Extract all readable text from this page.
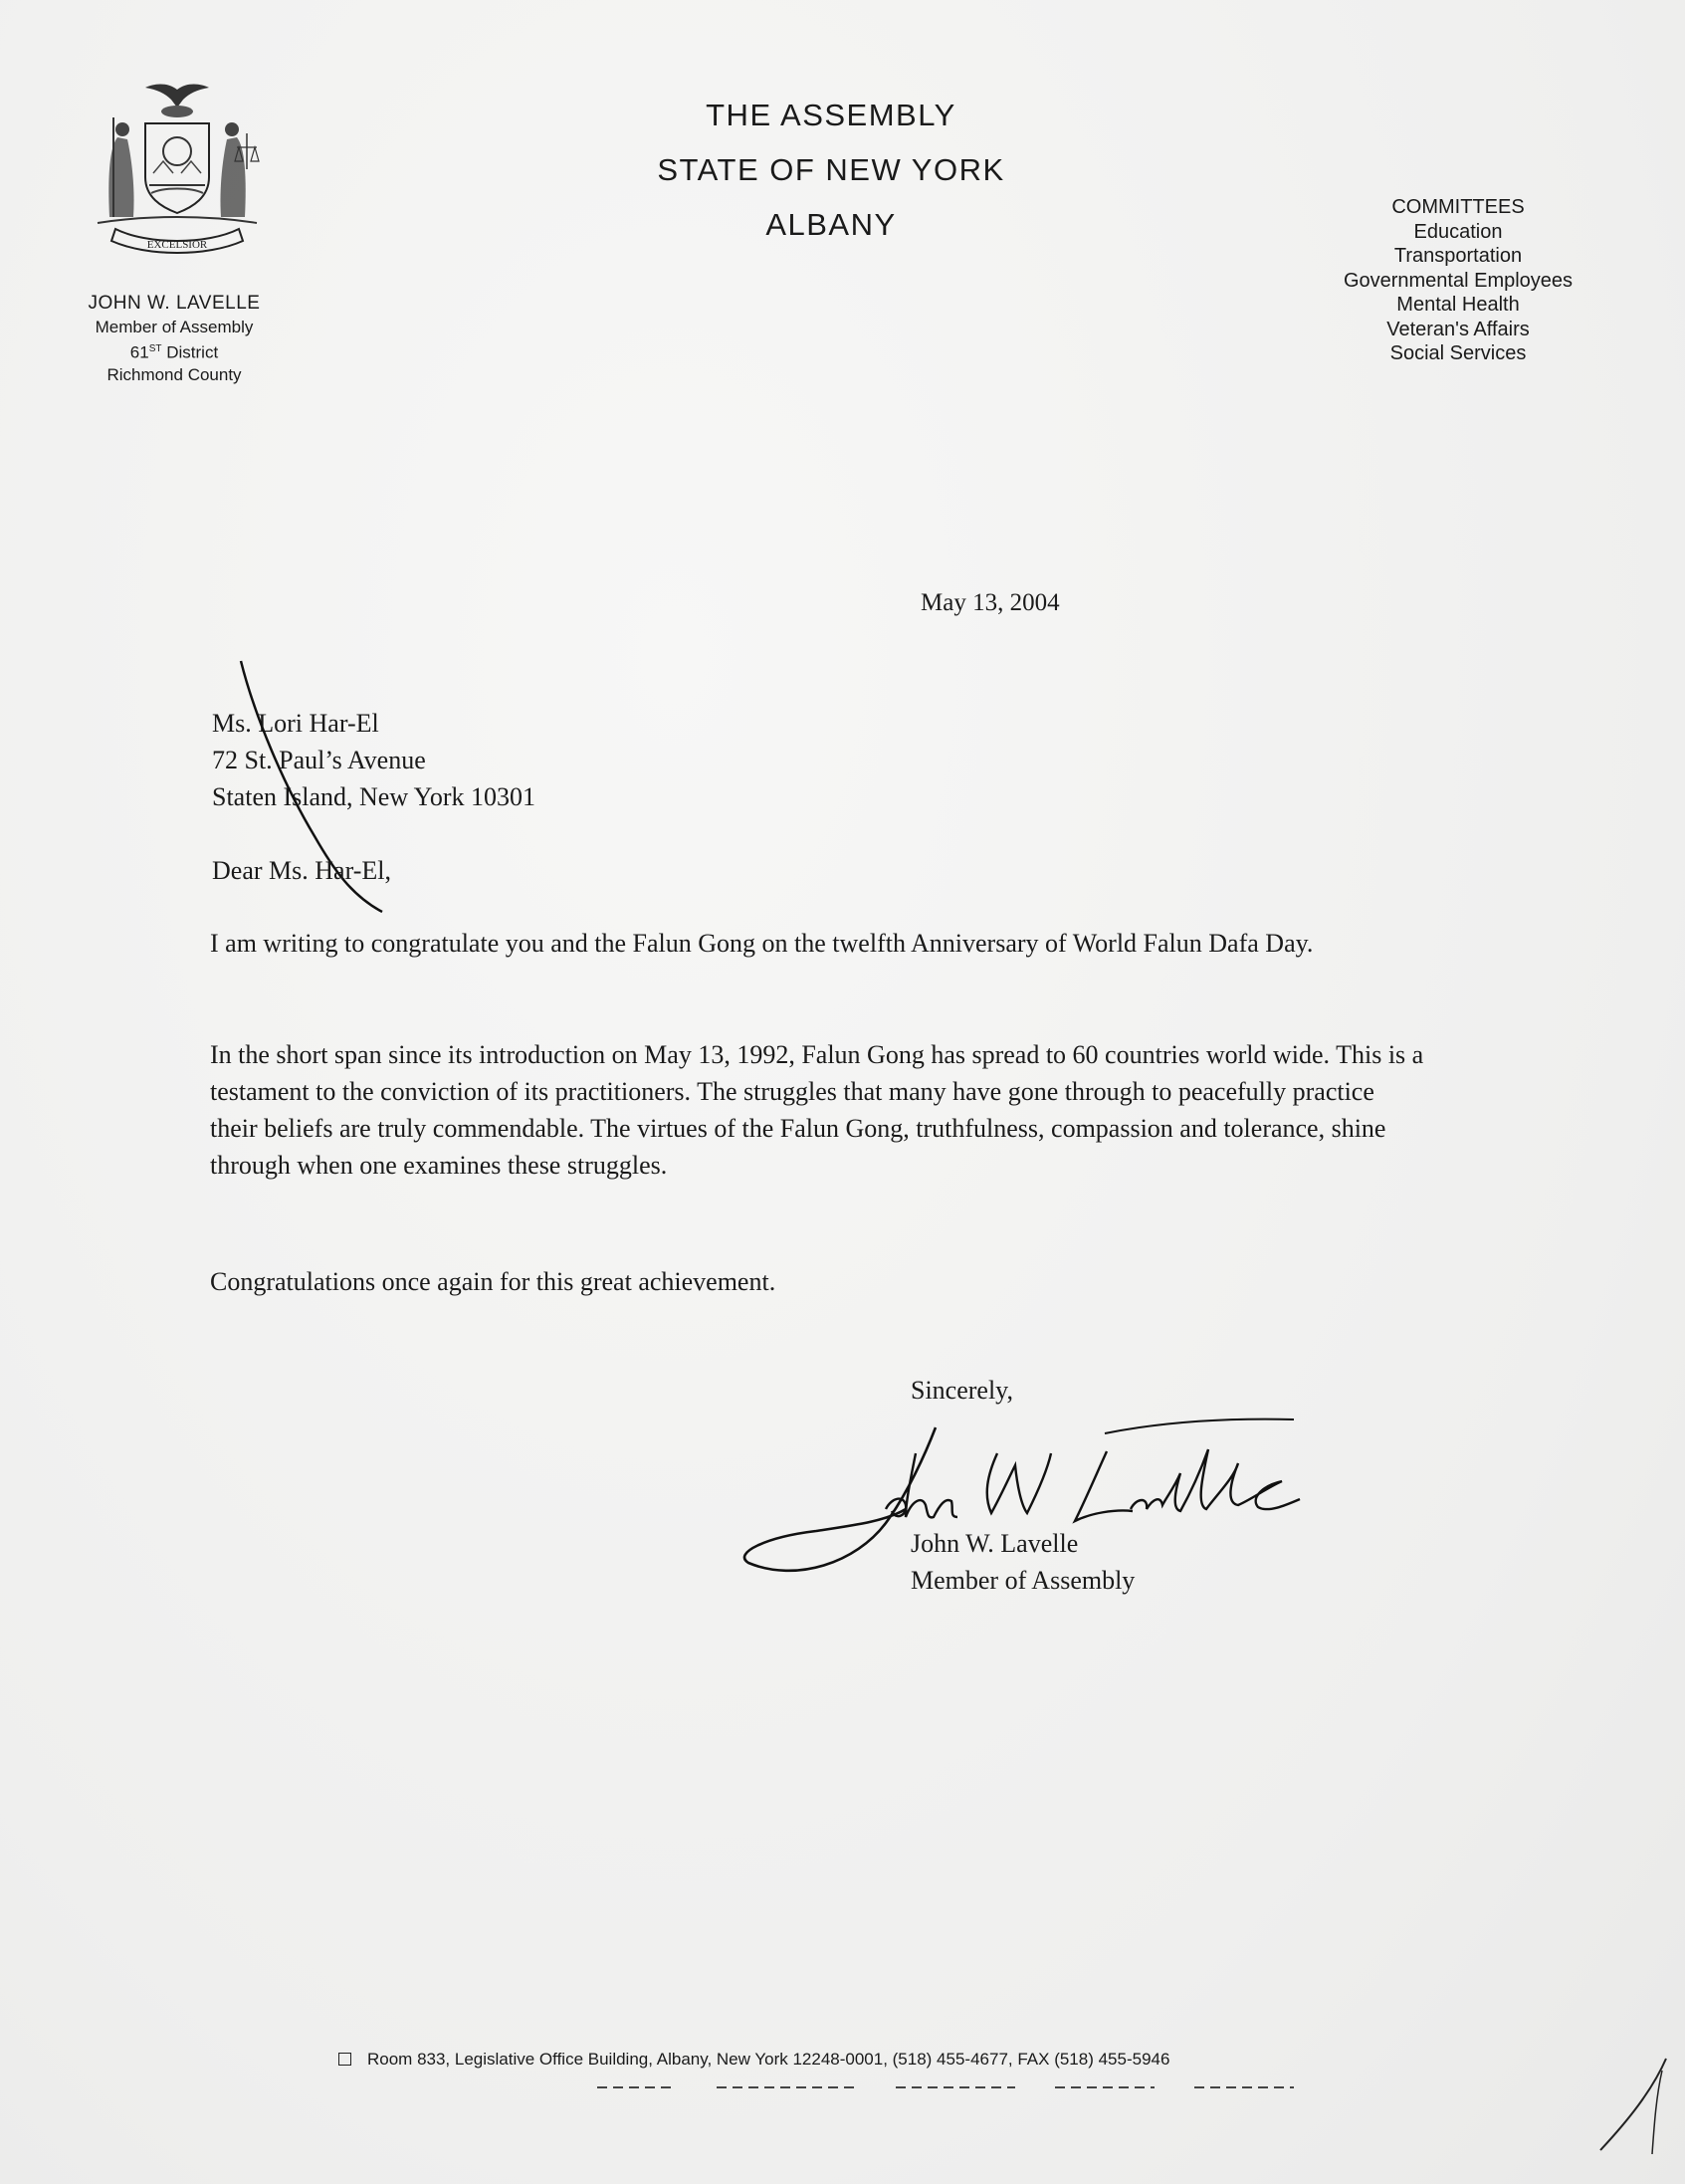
EXCELSIOR
JOHN W. LAVELLE
Member of Assembly
61ST District
Richmond County
THE ASSEMBLY
STATE OF NEW YORK
ALBANY	COMMITTEES
Education
Transportation
Governmental Employees
Mental Health
Veteran's Affairs
Social Services
May 13, 2004
Ms. Lori Har-El
72 St. Paul’s Avenue
Staten Island, New York 10301
Dear Ms. Har-El,

I am writing to congratulate you and the Falun Gong on the twelfth Anniversary of World Falun Dafa Day.

In the short span since its introduction on May 13, 1992, Falun Gong has spread to 60 countries world wide. This is a testament to the conviction of its practitioners. The struggles that many have gone through to peacefully practice their beliefs are truly commendable. The virtues of the Falun Gong, truthfulness, compassion and tolerance, shine through when one examines these struggles.

Congratulations once again for this great achievement.

Sincerely,
John W. Lavelle
Member of Assembly
Room 833, Legislative Office Building, Albany, New York 12248-0001, (518) 455-4677, FAX (518) 455-5946
